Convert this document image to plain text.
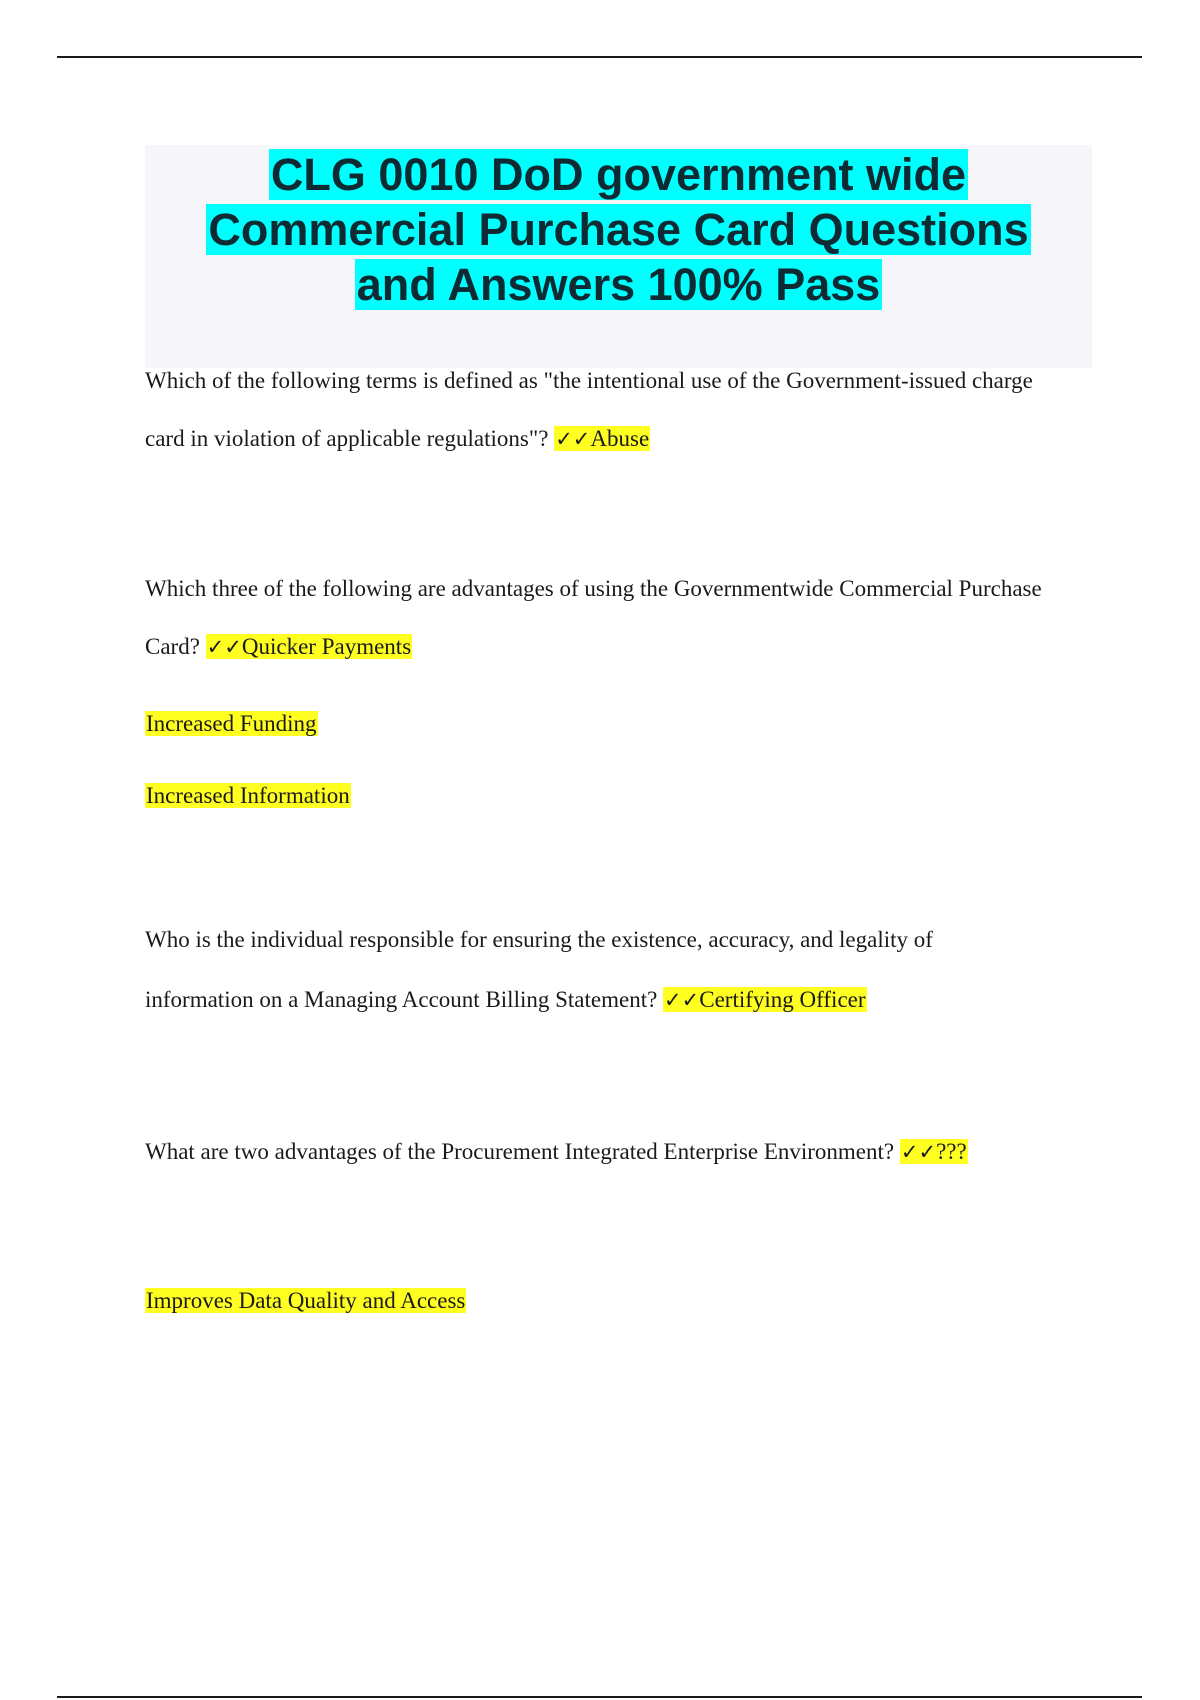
CLG 0010 DoD government wide
Commercial Purchase Card Questions
and Answers 100% Pass
Which of the following terms is defined as "the intentional use of the Government-issued charge
card in violation of applicable regulations"? ✓✓Abuse
Which three of the following are advantages of using the Governmentwide Commercial Purchase
Card? ✓✓Quicker Payments
Increased Funding
Increased Information
Who is the individual responsible for ensuring the existence, accuracy, and legality of
information on a Managing Account Billing Statement? ✓✓Certifying Officer
What are two advantages of the Procurement Integrated Enterprise Environment? ✓✓???
Improves Data Quality and Access
